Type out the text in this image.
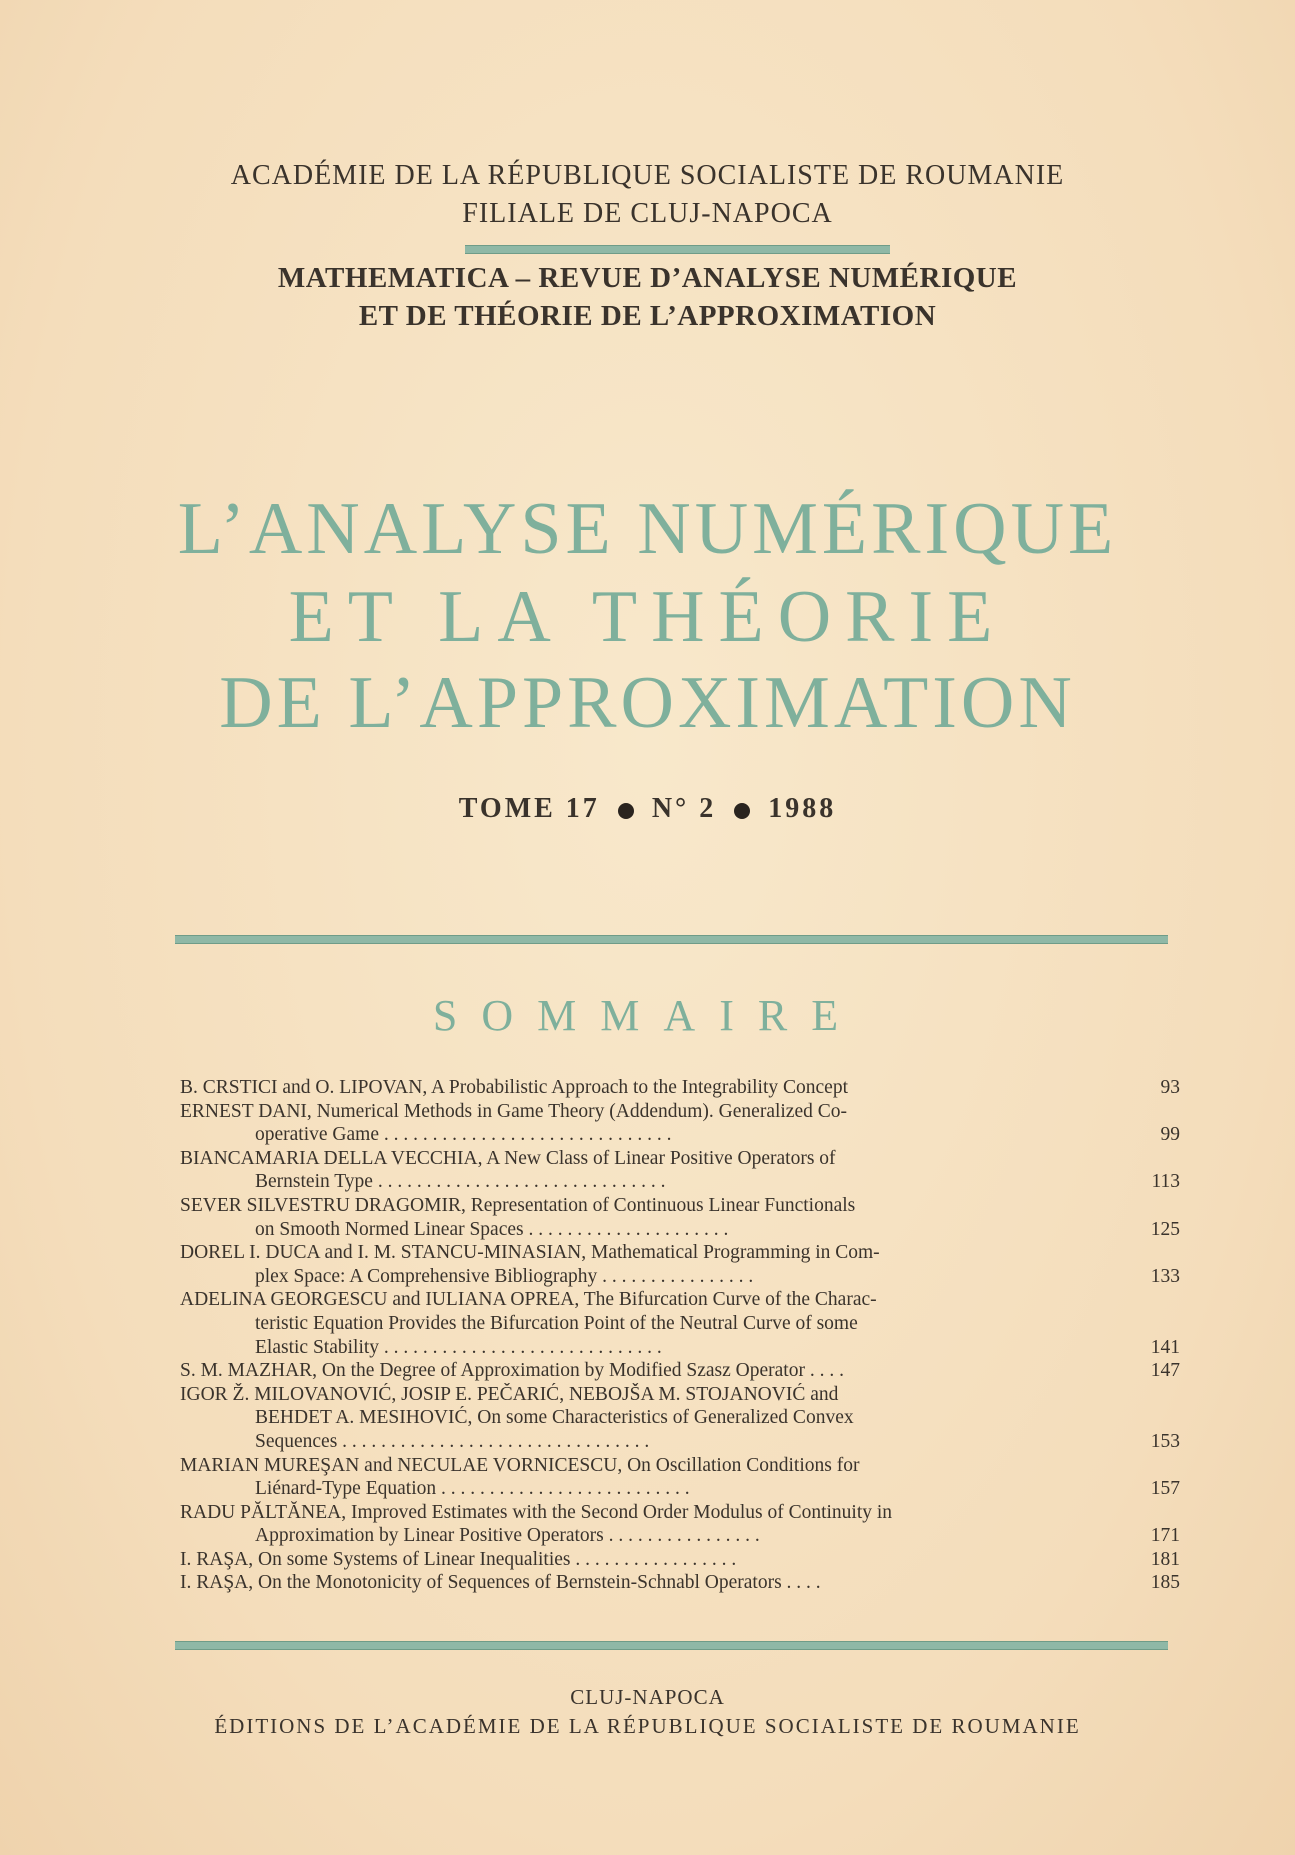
ACADÉMIE DE LA RÉPUBLIQUE SOCIALISTE DE ROUMANIE
FILIALE DE CLUJ-NAPOCA
MATHEMATICA – REVUE D’ANALYSE NUMÉRIQUE
ET DE THÉORIE DE L’APPROXIMATION
L’ANALYSE NUMÉRIQUE
ET LA THÉORIE
DE L’APPROXIMATION
TOME 17 N° 2 1988
SOMMAIRE
B. CRSTICI and O. LIPOVAN, A Probabilistic Approach to the Integrability Concept	93
ERNEST DANI, Numerical Methods in Game Theory (Addendum). Generalized Co-
operative Game . . . . . . . . . . . . . . . . . . . . . . . . . . . . . .	99
BIANCAMARIA DELLA VECCHIA, A New Class of Linear Positive Operators of
Bernstein Type . . . . . . . . . . . . . . . . . . . . . . . . . . . . . .	113
SEVER SILVESTRU DRAGOMIR, Representation of Continuous Linear Functionals
on Smooth Normed Linear Spaces . . . . . . . . . . . . . . . . . . . . .	125
DOREL I. DUCA and I. M. STANCU-MINASIAN, Mathematical Programming in Com-
plex Space: A Comprehensive Bibliography . . . . . . . . . . . . . . . .	133
ADELINA GEORGESCU and IULIANA OPREA, The Bifurcation Curve of the Charac-
teristic Equation Provides the Bifurcation Point of the Neutral Curve of some
Elastic Stability . . . . . . . . . . . . . . . . . . . . . . . . . . . . .	141
S. M. MAZHAR, On the Degree of Approximation by Modified Szasz Operator . . . .	147
IGOR Ž. MILOVANOVIĆ, JOSIP E. PEČARIĆ, NEBOJŠA M. STOJANOVIĆ and
BEHDET A. MESIHOVIĆ, On some Characteristics of Generalized Convex
Sequences . . . . . . . . . . . . . . . . . . . . . . . . . . . . . . . .	153
MARIAN MUREŞAN and NECULAE VORNICESCU, On Oscillation Conditions for
Liénard-Type Equation . . . . . . . . . . . . . . . . . . . . . . . . . .	157
RADU PĂLTĂNEA, Improved Estimates with the Second Order Modulus of Continuity in
Approximation by Linear Positive Operators . . . . . . . . . . . . . . . .	171
I. RAŞA, On some Systems of Linear Inequalities . . . . . . . . . . . . . . . . .	181
I. RAŞA, On the Monotonicity of Sequences of Bernstein-Schnabl Operators . . . .	185
CLUJ-NAPOCA
ÉDITIONS DE L’ACADÉMIE DE LA RÉPUBLIQUE SOCIALISTE DE ROUMANIE
